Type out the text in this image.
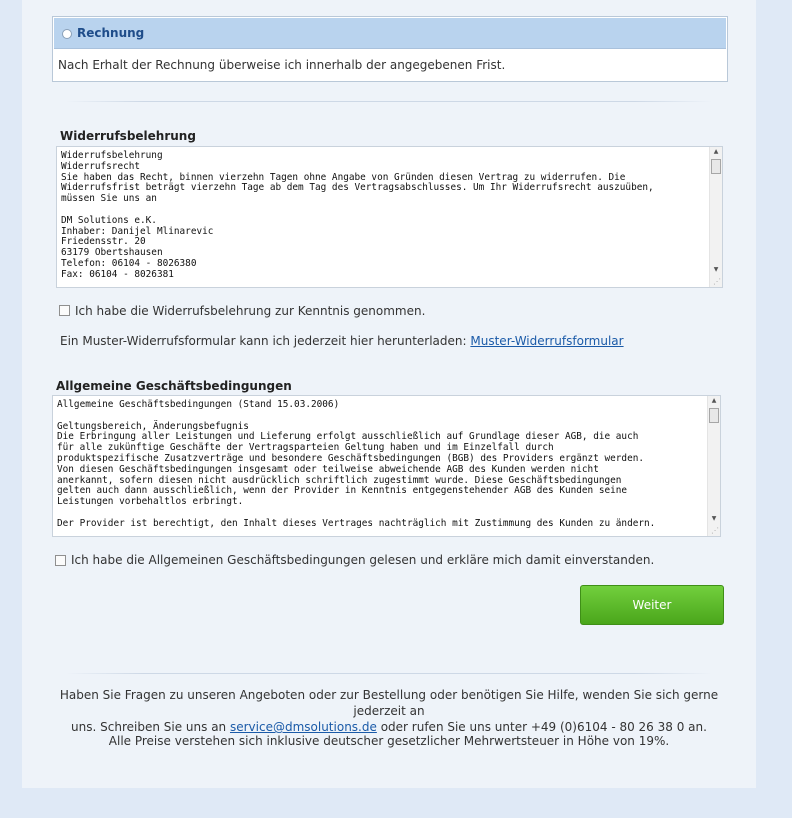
Rechnung
Nach Erhalt der Rechnung überweise ich innerhalb der angegebenen Frist.
Widerrufsbelehrung
Widerrufsbelehrung
Widerrufsrecht
Sie haben das Recht, binnen vierzehn Tagen ohne Angabe von Gründen diesen Vertrag zu widerrufen. Die
Widerrufsfrist beträgt vierzehn Tage ab dem Tag des Vertragsabschlusses. Um Ihr Widerrufsrecht auszuüben,
müssen Sie uns an

DM Solutions e.K.
Inhaber: Danijel Mlinarevic
Friedensstr. 20
63179 Obertshausen
Telefon: 06104 - 8026380
Fax: 06104 - 8026381
▲
▼
⋰
Ich habe die Widerrufsbelehrung zur Kenntnis genommen.
Ein Muster-Widerrufsformular kann ich jederzeit hier herunterladen: Muster-Widerrufsformular
Allgemeine Geschäftsbedingungen
Allgemeine Geschäftsbedingungen (Stand 15.03.2006)

Geltungsbereich, Änderungsbefugnis
Die Erbringung aller Leistungen und Lieferung erfolgt ausschließlich auf Grundlage dieser AGB, die auch
für alle zukünftige Geschäfte der Vertragsparteien Geltung haben und im Einzelfall durch
produktspezifische Zusatzverträge und besondere Geschäftsbedingungen (BGB) des Providers ergänzt werden.
Von diesen Geschäftsbedingungen insgesamt oder teilweise abweichende AGB des Kunden werden nicht
anerkannt, sofern diesen nicht ausdrücklich schriftlich zugestimmt wurde. Diese Geschäftsbedingungen
gelten auch dann ausschließlich, wenn der Provider in Kenntnis entgegenstehender AGB des Kunden seine
Leistungen vorbehaltlos erbringt.

Der Provider ist berechtigt, den Inhalt dieses Vertrages nachträglich mit Zustimmung des Kunden zu ändern.
▲
▼
⋰
Ich habe die Allgemeinen Geschäftsbedingungen gelesen und erkläre mich damit einverstanden.
Weiter
Haben Sie Fragen zu unseren Angeboten oder zur Bestellung oder benötigen Sie Hilfe, wenden Sie sich gerne jederzeit an
uns. Schreiben Sie uns an service@dmsolutions.de oder rufen Sie uns unter +49 (0)6104 - 80 26 38 0 an.
Alle Preise verstehen sich inklusive deutscher gesetzlicher Mehrwertsteuer in Höhe von 19%.
